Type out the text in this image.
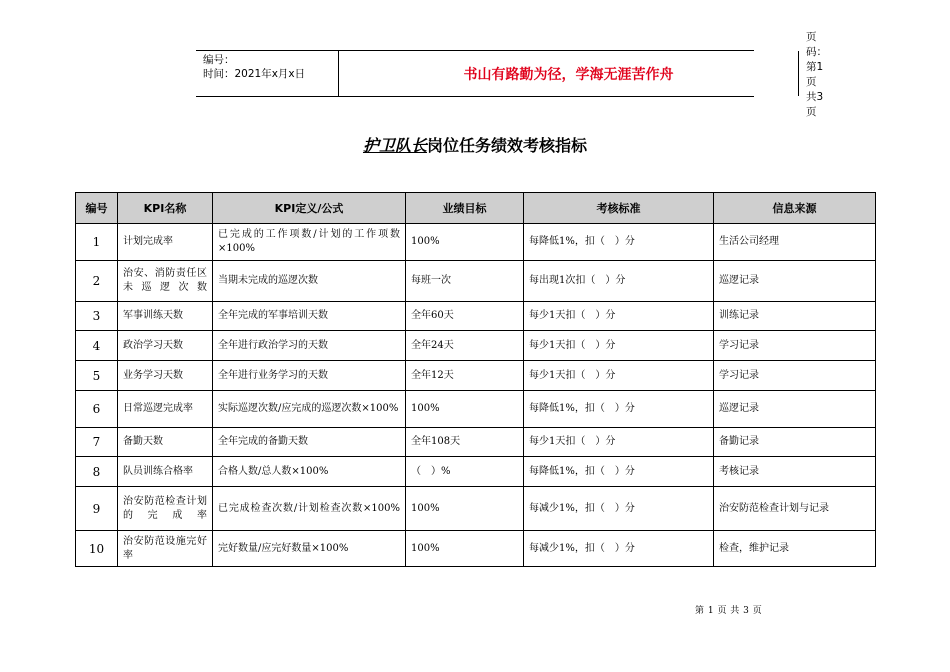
编号：
时间：2021年x月x日	书山有路勤为径，学海无涯苦作舟
页码：第1页 共3页
护卫队长岗位任务绩效考核指标
编号	KPI名称	KPI定义/公式	业绩目标	考核标准	信息来源
1	计划完成率	已完成的工作项数/计划的工作项数×100%	100%	每降低1%，扣（　）分	生活公司经理
2	治安、消防责任区未巡逻次数	当期未完成的巡逻次数	每班一次	每出现1次扣（　）分	巡逻记录
3	军事训练天数	全年完成的军事培训天数	全年60天	每少1天扣（　）分	训练记录
4	政治学习天数	全年进行政治学习的天数	全年24天	每少1天扣（　）分	学习记录
5	业务学习天数	全年进行业务学习的天数	全年12天	每少1天扣（　）分	学习记录
6	日常巡逻完成率	实际巡逻次数/应完成的巡逻次数×100%	100%	每降低1%，扣（　）分	巡逻记录
7	备勤天数	全年完成的备勤天数	全年108天	每少1天扣（　）分	备勤记录
8	队员训练合格率	合格人数/总人数×100%	（　）%	每降低1%，扣（　）分	考核记录
9	治安防范检查计划的完成率	已完成检查次数/计划检查次数×100%	100%	每减少1%，扣（　）分	治安防范检查计划与记录
10	治安防范设施完好率	完好数量/应完好数量×100%	100%	每减少1%，扣（　）分	检查，维护记录
第 1 页 共 3 页
